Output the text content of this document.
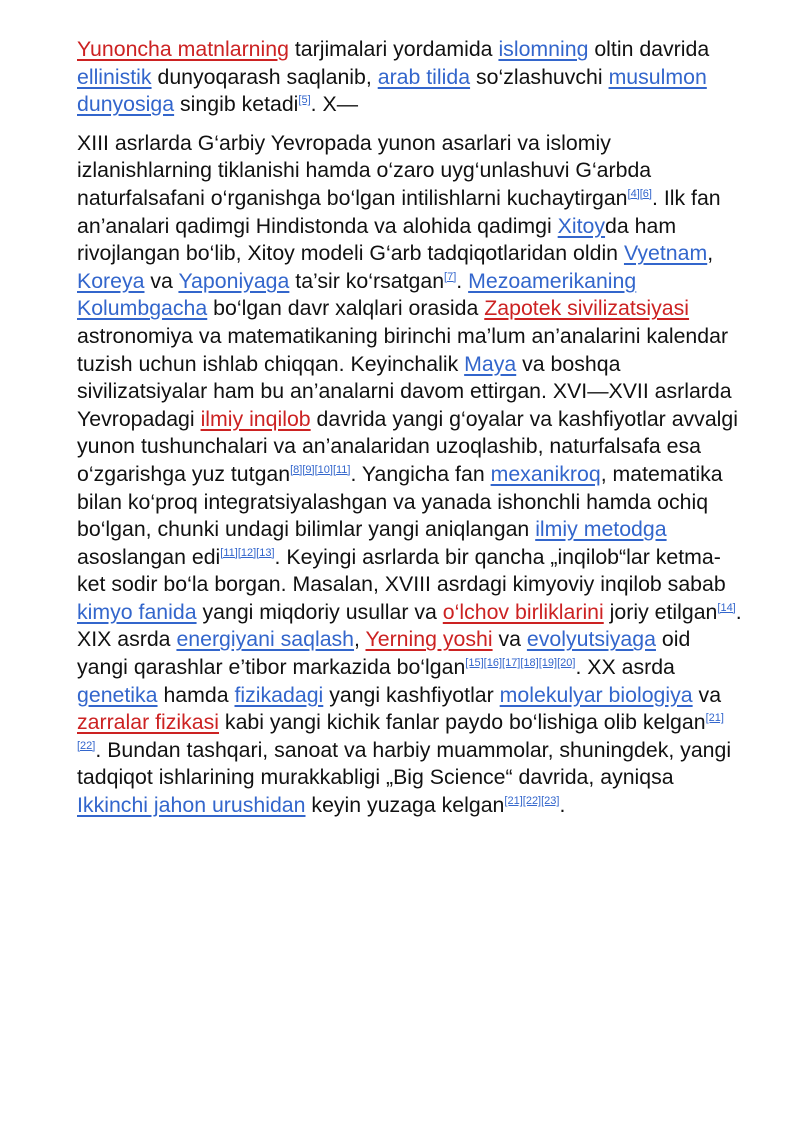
Yunoncha matnlarning tarjimalari yordamida islomning oltin davrida ellinistik dunyoqarash saqlanib, arab tilida so‘zlashuvchi musulmon dunyosiga singib ketadi[5]. X—

XIII asrlarda G‘arbiy Yevropada yunon asarlari va islomiy izlanishlarning tiklanishi hamda o‘zaro uyg‘unlashuvi G‘arbda naturfalsafani o‘rganishga bo‘lgan intilishlarni kuchaytirgan[4][6]. Ilk fan an’analari qadimgi Hindistonda va alohida qadimgi Xitoyda ham rivojlangan bo‘lib, Xitoy modeli G‘arb tadqiqotlaridan oldin Vyetnam, Koreya va Yaponiyaga ta’sir ko‘rsatgan[7]. Mezoamerikaning Kolumbgacha bo‘lgan davr xalqlari orasida Zapotek sivilizatsiyasi astronomiya va matematikaning birinchi ma’lum an’analarini kalendar tuzish uchun ishlab chiqqan. Keyinchalik Maya va boshqa sivilizatsiyalar ham bu an’analarni davom ettirgan. XVI—XVII asrlarda Yevropadagi ilmiy inqilob davrida yangi g‘oyalar va kashfiyotlar avvalgi yunon tushunchalari va an’analaridan uzoqlashib, naturfalsafa esa o‘zgarishga yuz tutgan[8][9][10][11]. Yangicha fan mexanikroq, matematika bilan ko‘proq integratsiyalashgan va yanada ishonchli hamda ochiq bo‘lgan, chunki undagi bilimlar yangi aniqlangan ilmiy metodga asoslangan edi[11][12][13]. Keyingi asrlarda bir qancha „inqilob“lar ketma-ket sodir bo‘la borgan. Masalan, XVIII asrdagi kimyoviy inqilob sabab kimyo fanida yangi miqdoriy usullar va o‘lchov birliklarini joriy etilgan[14]. XIX asrda energiyani saqlash, Yerning yoshi va evolyutsiyaga oid yangi qarashlar e’tibor markazida bo‘lgan[15][16][17][18][19][20]. XX asrda genetika hamda fizikadagi yangi kashfiyotlar molekulyar biologiya va zarralar fizikasi kabi yangi kichik fanlar paydo bo‘lishiga olib kelgan[21][22]. Bundan tashqari, sanoat va harbiy muammolar, shuningdek, yangi tadqiqot ishlarining murakkabligi „Big Science“ davrida, ayniqsa Ikkinchi jahon urushidan keyin yuzaga kelgan[21][22][23].
